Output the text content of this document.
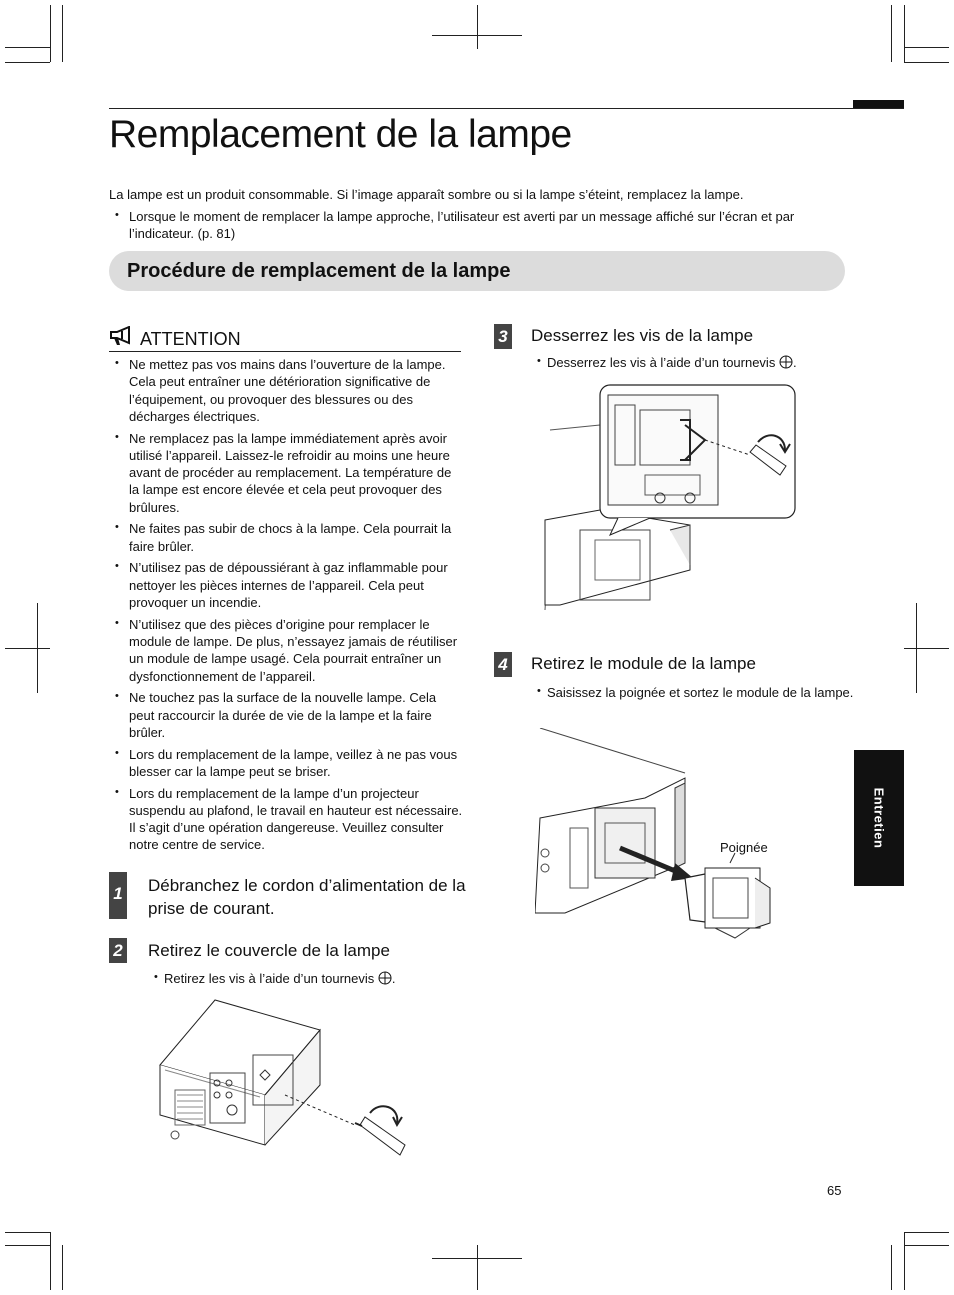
Remplacement de la lampe
La lampe est un produit consommable. Si l’image apparaît sombre ou si la lampe s’éteint, remplacez la lampe.
• Lorsque le moment de remplacer la lampe approche, l’utilisateur est averti par un message affiché sur l’écran et par l’indicateur. (p. 81)
Procédure de remplacement de la lampe
ATTENTION
• Ne mettez pas vos mains dans l’ouverture de la lampe. Cela peut entraîner une détérioration significative de l’équipement, ou provoquer des blessures ou des décharges électriques.
• Ne remplacez pas la lampe immédiatement après avoir utilisé l’appareil. Laissez-le refroidir au moins une heure avant de procéder au remplacement. La température de la lampe est encore élevée et cela peut provoquer des brûlures.
• Ne faites pas subir de chocs à la lampe. Cela pourrait la faire brûler.
• N’utilisez pas de dépoussiérant à gaz inflammable pour nettoyer les pièces internes de l’appareil. Cela peut provoquer un incendie.
• N’utilisez que des pièces d’origine pour remplacer le module de lampe. De plus, n’essayez jamais de réutiliser un module de lampe usagé. Cela pourrait entraîner un dysfonctionnement de l’appareil.
• Ne touchez pas la surface de la nouvelle lampe. Cela peut raccourcir la durée de vie de la lampe et la faire brûler.
• Lors du remplacement de la lampe, veillez à ne pas vous blesser car la lampe peut se briser.
• Lors du remplacement de la lampe d’un projecteur suspendu au plafond, le travail en hauteur est nécessaire. Il s’agit d’une opération dangereuse. Veuillez consulter notre centre de service.
1 Débranchez le cordon d’alimentation de la prise de courant.
2 Retirez le couvercle de la lampe
• Retirez les vis à l’aide d’un tournevis .
3 Desserrez les vis de la lampe
• Desserrez les vis à l’aide d’un tournevis .
4 Retirez le module de la lampe
• Saisissez la poignée et sortez le module de la lampe.
Poignée	Entretien
65
